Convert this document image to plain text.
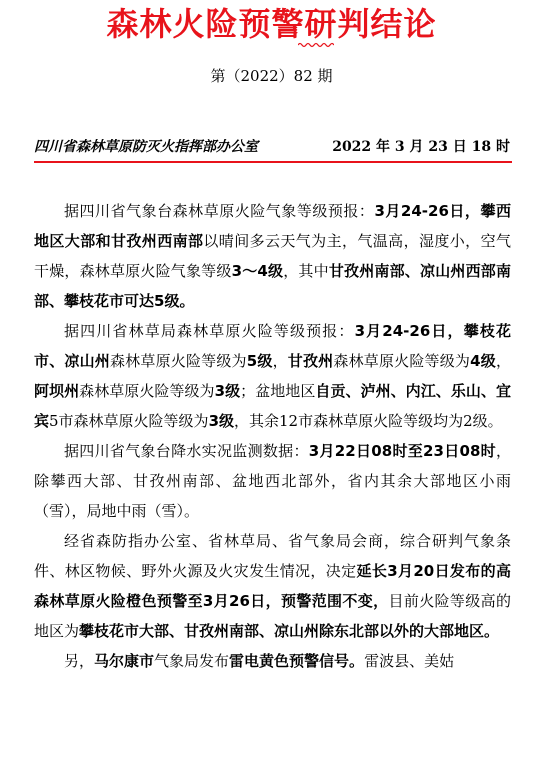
森林火险预警研判结论
第（2022）82 期
四川省森林草原防灭火指挥部办公室	2022 年 3 月 23 日 18 时

据四川省气象台森林草原火险气象等级预报：3月24-26日，攀西地区大部和甘孜州西南部以晴间多云天气为主，气温高，湿度小，空气干燥，森林草原火险气象等级3～4级，其中甘孜州南部、凉山州西部南部、攀枝花市可达5级。

据四川省林草局森林草原火险等级预报：3月24-26日，攀枝花市、凉山州森林草原火险等级为5级，甘孜州森林草原火险等级为4级，阿坝州森林草原火险等级为3级；盆地地区自贡、泸州、内江、乐山、宜宾5市森林草原火险等级为3级，其余12市森林草原火险等级均为2级。

据四川省气象台降水实况监测数据：3月22日08时至23日08时，除攀西大部、甘孜州南部、盆地西北部外，省内其余大部地区小雨（雪），局地中雨（雪）。

经省森防指办公室、省林草局、省气象局会商，综合研判气象条件、林区物候、野外火源及火灾发生情况，决定延长3月20日发布的高森林草原火险橙色预警至3月26日，预警范围不变，目前火险等级高的地区为攀枝花市大部、甘孜州南部、凉山州除东北部以外的大部地区。

另，马尔康市气象局发布雷电黄色预警信号。雷波县、美姑
